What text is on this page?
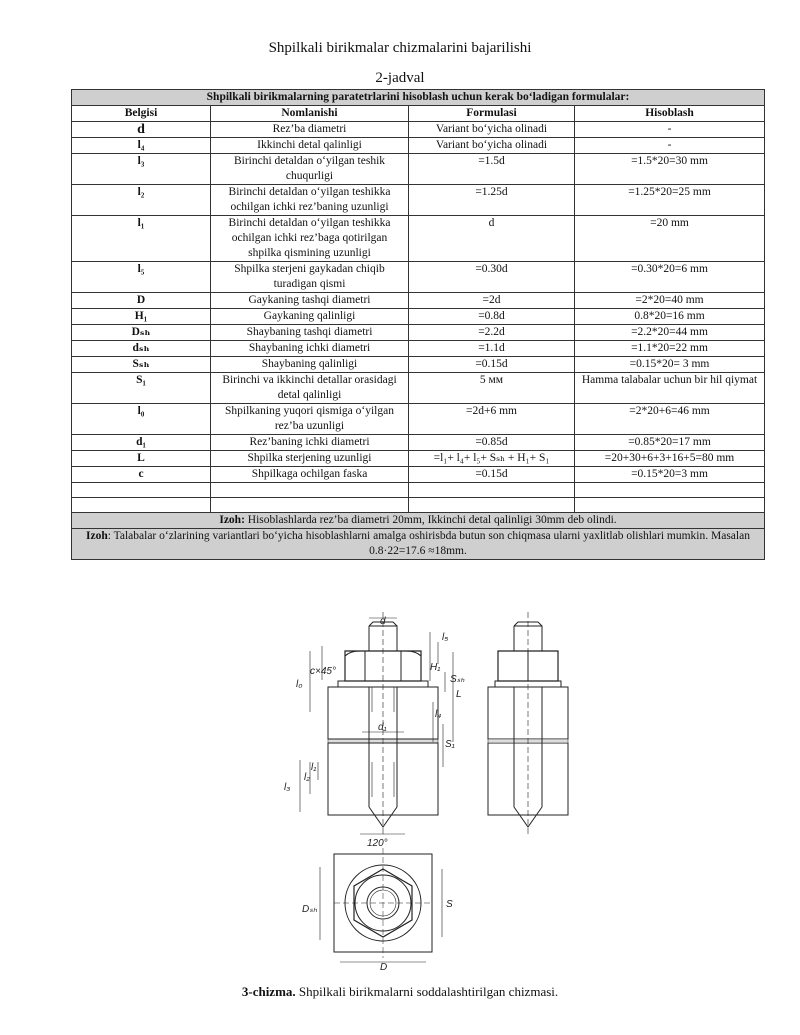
Shpilkali birikmalar chizmalarini bajarilishi
2-jadval
Shpilkali birikmalarning paratetrlarini hisoblash uchun kerak bo‘ladigan formulalar:			
Belgisi	Nomlanishi	Formulasi	Hisoblash
d	Rez’ba diametri	Variant bo‘yicha olinadi	-
l₄	Ikkinchi detal qalinligi	Variant bo‘yicha olinadi	-
l₃	Birinchi detaldan o‘yilgan teshik chuqurligi	=1.5d	=1.5*20=30 mm
l₂	Birinchi detaldan o‘yilgan teshikka ochilgan ichki rez’baning uzunligi	=1.25d	=1.25*20=25 mm
l₁	Birinchi detaldan o‘yilgan teshikka ochilgan ichki rez’baga qotirilgan shpilka qismining uzunligi	d	=20 mm
l₅	Shpilka sterjeni gaykadan chiqib turadigan qismi	=0.30d	=0.30*20=6 mm
D	Gaykaning tashqi diametri	=2d	=2*20=40 mm
H₁	Gaykaning qalinligi	=0.8d	0.8*20=16 mm
Dₛₕ	Shaybaning tashqi diametri	=2.2d	=2.2*20=44 mm
dₛₕ	Shaybaning ichki diametri	=1.1d	=1.1*20=22 mm
Sₛₕ	Shaybaning qalinligi	=0.15d	=0.15*20= 3 mm
S₁	Birinchi va ikkinchi detallar orasidagi detal qalinligi	5 мм	Hamma talabalar uchun bir hil qiymat
l₀	Shpilkaning yuqori qismiga o‘yilgan rez’ba uzunligi	=2d+6 mm	=2*20+6=46 mm
d₁	Rez’baning ichki diametri	=0.85d	=0.85*20=17 mm
L	Shpilka sterjening uzunligi	=l₁+ l₄+ l₅+ Sₛₕ + H₁+ S₁	=20+30+6+3+16+5=80 mm
c	Shpilkaga ochilgan faska	=0.15d	=0.15*20=3 mm

Izoh: Hisoblashlarda rez’ba diametri 20mm, Ikkinchi detal qalinligi 30mm deb olindi.			
Izoh: Talabalar o‘zlarining variantlari bo‘yicha hisoblashlarni amalga oshirisbda butun son chiqmasa ularni yaxlitlab olishlari mumkin. Masalan 0.8·22=17.6 ≈18mm.			
d
l₀
c×45°
d₁
l₂
l₁
l₃
l₅
H₁
Sₛₕ
l₄
S₁
L
120°
Dₛₕ
D
S
3-chizma. Shpilkali birikmalarni soddalashtirilgan chizmasi.
